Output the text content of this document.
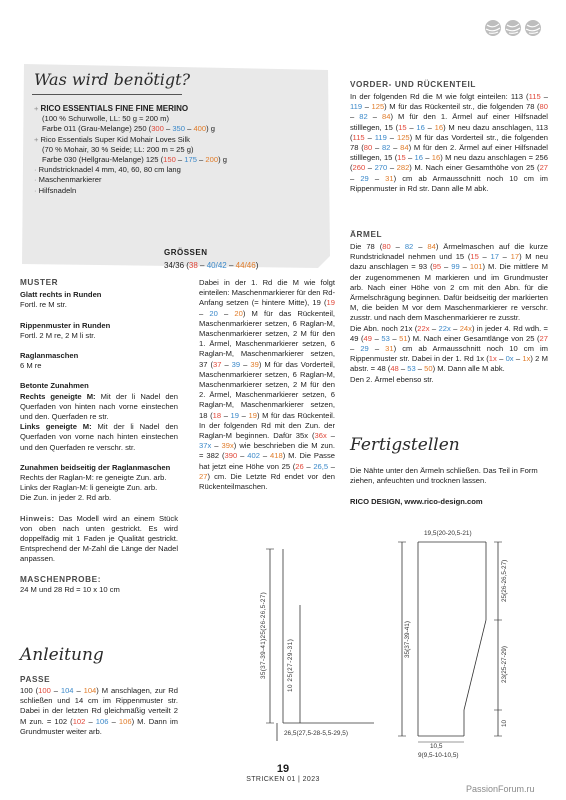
Was wird benötigt?

+ RICO ESSENTIALS FINE FINE MERINO

(100 % Schurwolle, LL: 50 g ≈ 200 m)

Farbe 011 (Grau-Melange) 250 (300 – 350 – 400) g

+ Rico Essentials Super Kid Mohair Loves Silk

(70 % Mohair, 30 % Seide; LL: 200 m ≈ 25 g)

Farbe 030 (Hellgrau-Melange) 125 (150 – 175 – 200) g

· Rundstricknadel 4 mm, 40, 60, 80 cm lang

· Maschenmarkierer

· Hilfsnadeln

GRÖSSEN
34/36 (38 – 40/42 – 44/46)
MUSTER

Glatt rechts in Runden

Fortl. re M str.

Rippenmuster in Runden

Fortl. 2 M re, 2 M li str.

Raglanmaschen

6 M re

Betonte Zunahmen

Rechts geneigte M: Mit der li Nadel den Querfaden von hinten nach vorne einstechen und den. Querfaden re str.

Links geneigte M: Mit der li Nadel den Querfaden von vorne nach hinten einstechen und den Querfaden re verschr. str.

Zunahmen beidseitig der Raglanmaschen

Rechts der Raglan-M: re geneigte Zun. arb.

Links der Raglan-M: li geneigte Zun. arb.

Die Zun. in jeder 2. Rd arb.

Hinweis: Das Modell wird an einem Stück von oben nach unten gestrickt. Es wird doppelfädig mit 1 Faden je Qualität gestrickt. Entsprechend der M-Zahl die Länge der Nadel anpassen.

MASCHENPROBE:

24 M und 28 Rd = 10 x 10 cm

Anleitung
PASSE
100 (100 – 104 – 104) M anschlagen, zur Rd schließen und 14 cm im Rippenmuster str. Dabei in der letzten Rd gleichmäßig verteilt 2 M zun. = 102 (102 – 106 – 106) M. Dann im Grundmuster weiter arb.
Dabei in der 1. Rd die M wie folgt einteilen: Maschenmarkierer für den Rd-Anfang setzen (= hintere Mitte), 19 (19 – 20 – 20) M für das Rückenteil, Maschenmarkierer setzen, 6 Raglan-M, Maschenmarkierer setzen, 2 M für den 1. Ärmel, Maschenmarkierer setzen, 6 Raglan-M, Maschenmarkierer setzen, 37 (37 – 39 – 39) M für das Vorderteil, Maschenmarkierer setzen, 6 Raglan-M, Maschenmarkierer setzen, 2 M für den 2. Ärmel, Maschenmarkierer setzen, 6 Raglan-M, Maschenmarkierer setzen, 18 (18 – 19 – 19) M für das Rückenteil. In der folgenden Rd mit den Zun. der Raglan-M beginnen. Dafür 35x (36x – 37x – 39x) wie beschrieben die M zun. = 382 (390 – 402 – 418) M. Die Passe hat jetzt eine Höhe von 25 (26 – 26,5 – 27) cm. Die Letzte Rd endet vor den Rückenteilmaschen.
VORDER- UND RÜCKENTEIL
In der folgenden Rd die M wie folgt einteilen: 113 (115 – 119 – 125) M für das Rückenteil str., die folgenden 78 (80 – 82 – 84) M für den 1. Ärmel auf einer Hilfsnadel stilllegen, 15 (15 – 16 – 16) M neu dazu anschlagen, 113 (115 – 119 – 125) M für das Vorderteil str., die folgenden 78 (80 – 82 – 84) M für den 2. Ärmel auf einer Hilfsnadel stilllegen, 15 (15 – 16 – 16) M neu dazu anschlagen = 256 (260 – 270 – 282) M. Nach einer Gesamthöhe von 25 (27 – 29 – 31) cm ab Armausschnitt noch 10 cm im Rippenmuster in Rd str. Dann alle M abk.
ÄRMEL
Die 78 (80 – 82 – 84) Ärmelmaschen auf die kurze Rundstricknadel nehmen und 15 (15 – 17 – 17) M neu dazu anschlagen = 93 (95 – 99 – 101) M. Die mittlere M der zugenommenen M markieren und im Grundmuster arb. Nach einer Höhe von 2 cm mit den Abn. für die Ärmelschrägung beginnen. Dafür beidseitig der markierten M, die beiden M vor dem Maschenmarkierer re verschr. zusstr. und nach dem Maschenmarkierer re zusstr.
Die Abn. noch 21x (22x – 22x – 24x) in jeder 4. Rd wdh. = 49 (49 – 53 – 51) M. Nach einer Gesamtlänge von 25 (27 – 29 – 31) cm ab Armausschnitt noch 10 cm im Rippenmuster str. Dabei in der 1. Rd 1x (1x – 0x – 1x) 2 M abstr. = 48 (48 – 53 – 50) M. Dann alle M abk.
Den 2. Ärmel ebenso str.
Fertigstellen
Die Nähte unter den Ärmeln schließen. Das Teil in Form ziehen, anfeuchten und trocknen lassen.
RICO DESIGN, www.rico-design.com
35(37-39-41)25(26-26,5-27)	10 25(27-29-31)
26,5(27,5-28-5,5-29,5)
19,5(20-20,5-21)
35(37-39-41)
25(26-26,5-27)
23(25-27-29)
10
10,5
9(9,5-10-10,5)
19
STRICKEN 01 | 2023
PassionForum.ru
